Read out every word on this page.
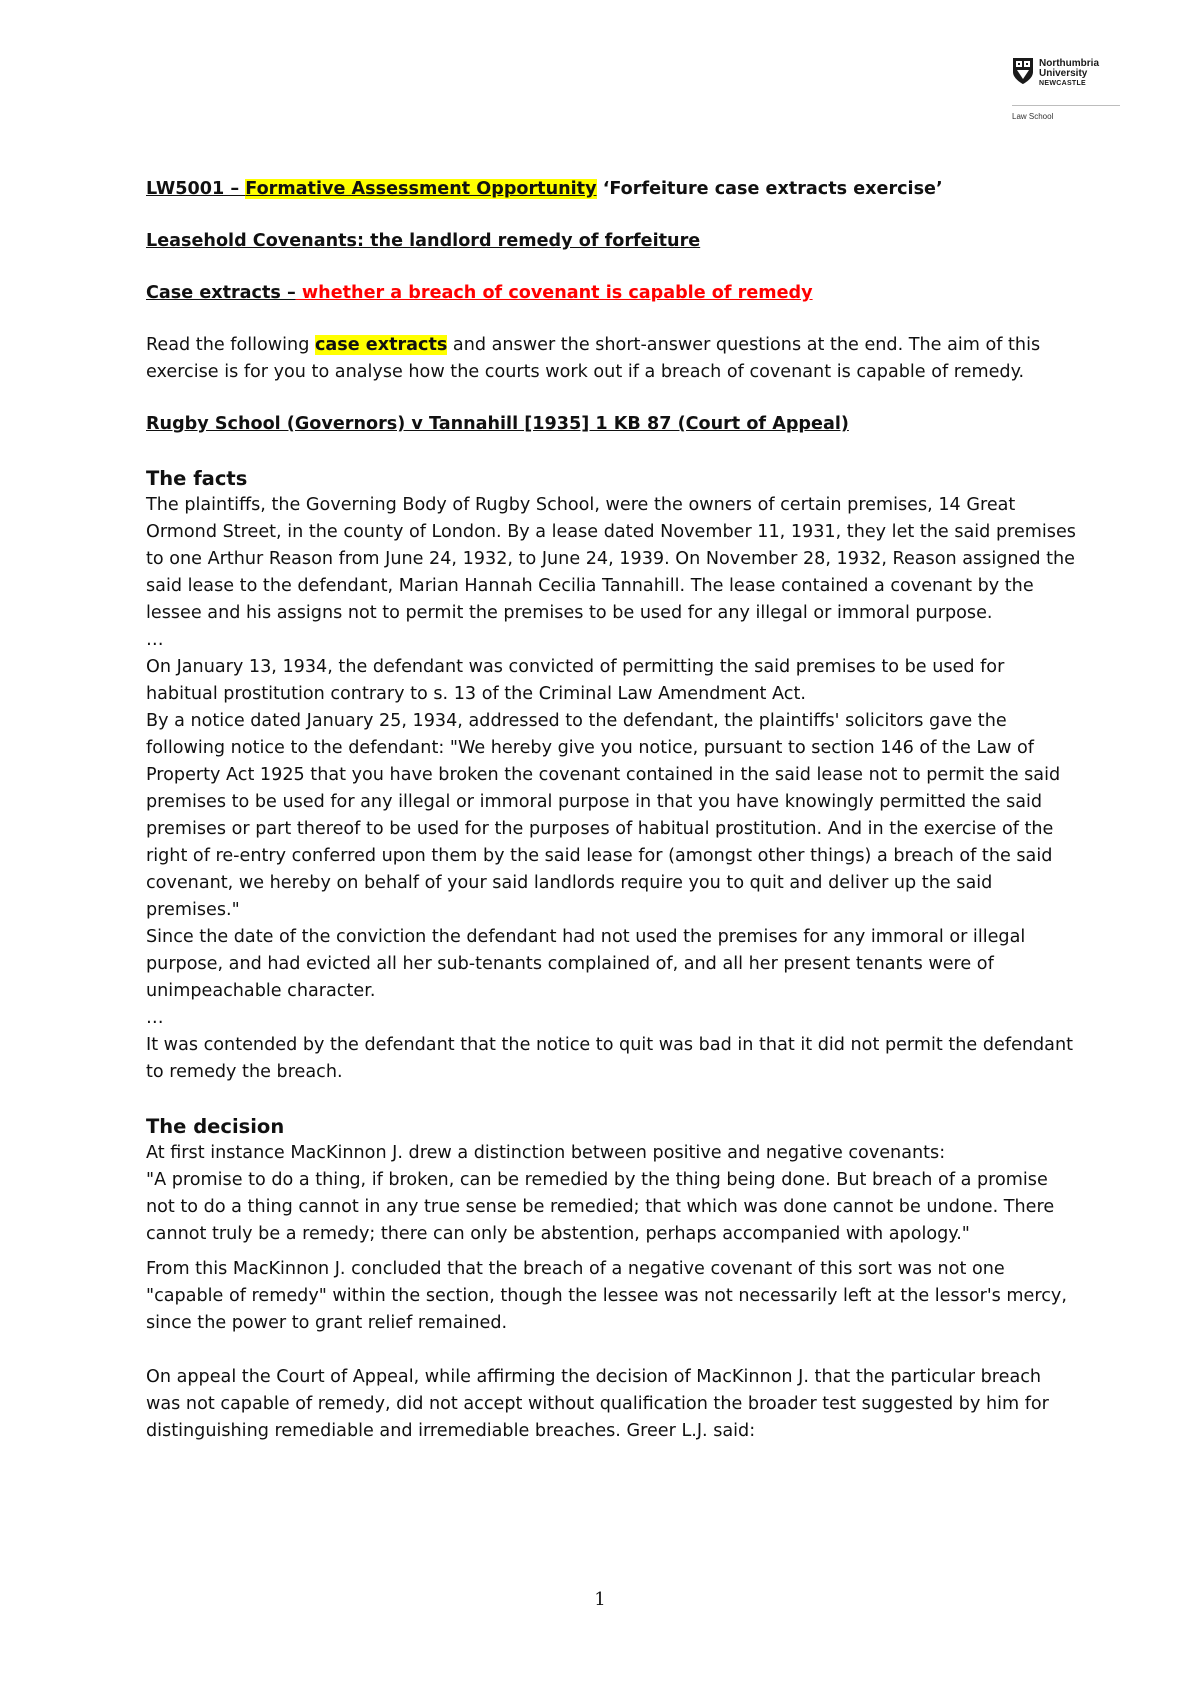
Northumbria
University
NEWCASTLE
Law School

LW5001 – Formative Assessment Opportunity ‘Forfeiture case extracts exercise’

Leasehold Covenants: the landlord remedy of forfeiture

Case extracts – whether a breach of covenant is capable of remedy

Read the following case extracts and answer the short-answer questions at the end. The aim of this exercise is for you to analyse how the courts work out if a breach of covenant is capable of remedy.

Rugby School (Governors) v Tannahill [1935] 1 KB 87 (Court of Appeal)

The facts

The plaintiffs, the Governing Body of Rugby School, were the owners of certain premises, 14 Great Ormond Street, in the county of London. By a lease dated November 11, 1931, they let the said premises to one Arthur Reason from June 24, 1932, to June 24, 1939. On November 28, 1932, Reason assigned the said lease to the defendant, Marian Hannah Cecilia Tannahill. The lease contained a covenant by the lessee and his assigns not to permit the premises to be used for any illegal or immoral purpose.

…

On January 13, 1934, the defendant was convicted of permitting the said premises to be used for habitual prostitution contrary to s. 13 of the Criminal Law Amendment Act.

By a notice dated January 25, 1934, addressed to the defendant, the plaintiffs' solicitors gave the following notice to the defendant: "We hereby give you notice, pursuant to section 146 of the Law of Property Act 1925 that you have broken the covenant contained in the said lease not to permit the said premises to be used for any illegal or immoral purpose in that you have knowingly permitted the said premises or part thereof to be used for the purposes of habitual prostitution. And in the exercise of the right of re-entry conferred upon them by the said lease for (amongst other things) a breach of the said covenant, we hereby on behalf of your said landlords require you to quit and deliver up the said premises."

Since the date of the conviction the defendant had not used the premises for any immoral or illegal purpose, and had evicted all her sub-tenants complained of, and all her present tenants were of unimpeachable character.

…

It was contended by the defendant that the notice to quit was bad in that it did not permit the defendant to remedy the breach.

The decision

At first instance MacKinnon J. drew a distinction between positive and negative covenants:

"A promise to do a thing, if broken, can be remedied by the thing being done. But breach of a promise not to do a thing cannot in any true sense be remedied; that which was done cannot be undone. There cannot truly be a remedy; there can only be abstention, perhaps accompanied with apology."

From this MacKinnon J. concluded that the breach of a negative covenant of this sort was not one "capable of remedy" within the section, though the lessee was not necessarily left at the lessor's mercy, since the power to grant relief remained.

On appeal the Court of Appeal, while affirming the decision of MacKinnon J. that the particular breach was not capable of remedy, did not accept without qualification the broader test suggested by him for distinguishing remediable and irremediable breaches. Greer L.J. said:

1
